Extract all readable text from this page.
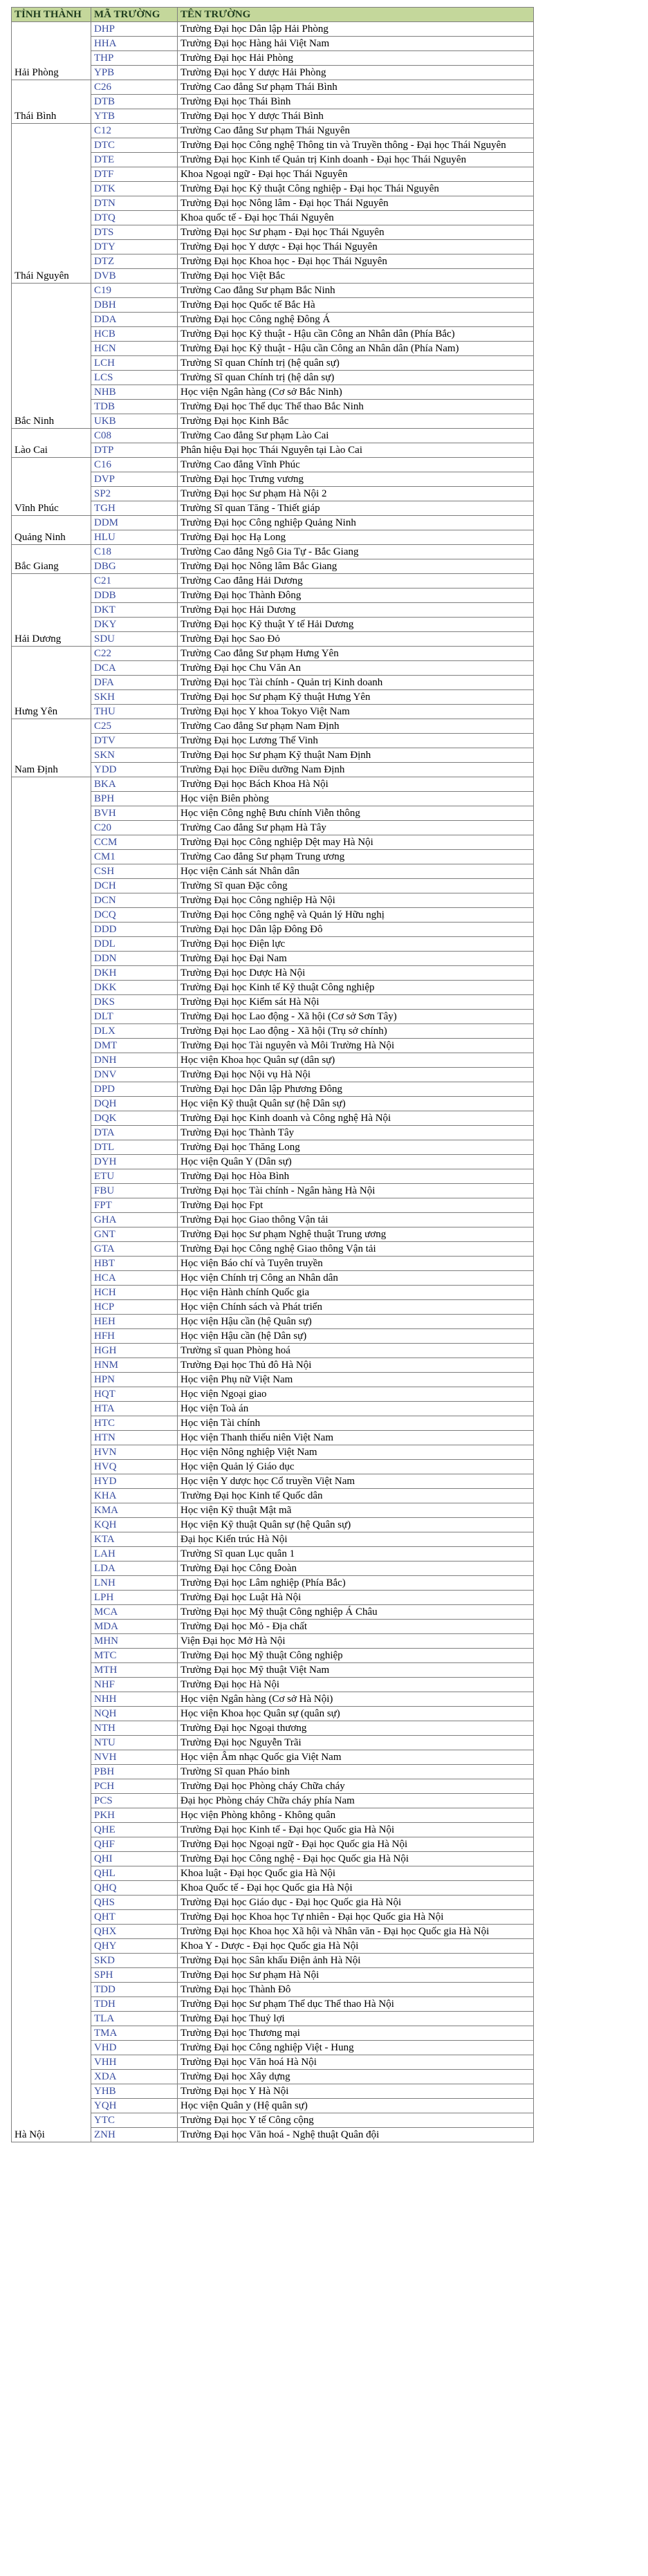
TỈNH THÀNH	MÃ TRƯỜNG	TÊN TRƯỜNG
Hải Phòng	DHP	Trường Đại học Dân lập Hải Phòng
	HHA	Trường Đại học Hàng hải Việt Nam
	THP	Trường Đại học Hải Phòng
	YPB	Trường Đại học Y dược Hải Phòng
Thái Bình	C26	Trường Cao đẳng Sư phạm Thái Bình
	DTB	Trường Đại học Thái Bình
	YTB	Trường Đại học Y dược Thái Bình
Thái Nguyên	C12	Trường Cao đẳng Sư phạm Thái Nguyên
	DTC	Trường Đại học Công nghệ Thông tin và Truyền thông - Đại học Thái Nguyên
	DTE	Trường Đại học Kinh tế Quản trị Kinh doanh - Đại học Thái Nguyên
	DTF	Khoa Ngoại ngữ - Đại học Thái Nguyên
	DTK	Trường Đại học Kỹ thuật Công nghiệp - Đại học Thái Nguyên
	DTN	Trường Đại học Nông lâm - Đại học Thái Nguyên
	DTQ	Khoa quốc tế - Đại học Thái Nguyên
	DTS	Trường Đại học Sư phạm - Đại học Thái Nguyên
	DTY	Trường Đại học Y dược - Đại học Thái Nguyên
	DTZ	Trường Đại học Khoa học - Đại học Thái Nguyên
	DVB	Trường Đại học Việt Bắc
Bắc Ninh	C19	Trường Cao đẳng Sư phạm Bắc Ninh
	DBH	Trường Đại học Quốc tế Bắc Hà
	DDA	Trường Đại học Công nghệ Đông Á
	HCB	Trường Đại học Kỹ thuật - Hậu cần Công an Nhân dân (Phía Bắc)
	HCN	Trường Đại học Kỹ thuật - Hậu cần Công an Nhân dân (Phía Nam)
	LCH	Trường Sĩ quan Chính trị (hệ quân sự)
	LCS	Trường Sĩ quan Chính trị (hệ dân sự)
	NHB	Học viện Ngân hàng (Cơ sở Bắc Ninh)
	TDB	Trường Đại học Thể dục Thể thao Bắc Ninh
	UKB	Trường Đại học Kinh Bắc
Lào Cai	C08	Trường Cao đẳng Sư phạm Lào Cai
	DTP	Phân hiệu Đại học Thái Nguyên tại Lào Cai
Vĩnh Phúc	C16	Trường Cao đẳng Vĩnh Phúc
	DVP	Trường Đại học Trưng vương
	SP2	Trường Đại học Sư phạm Hà Nội 2
	TGH	Trường Sĩ quan Tăng - Thiết giáp
Quảng Ninh	DDM	Trường Đại học Công nghiệp Quảng Ninh
	HLU	Trường Đại học Hạ Long
Bắc Giang	C18	Trường Cao đẳng Ngô Gia Tự - Bắc Giang
	DBG	Trường Đại học Nông lâm Bắc Giang
Hải Dương	C21	Trường Cao đẳng Hải Dương
	DDB	Trường Đại học Thành Đông
	DKT	Trường Đại học Hải Dương
	DKY	Trường Đại học Kỹ thuật Y tế Hải Dương
	SDU	Trường Đại học Sao Đỏ
Hưng Yên	C22	Trường Cao đẳng Sư phạm Hưng Yên
	DCA	Trường Đại học Chu Văn An
	DFA	Trường Đại học Tài chính - Quản trị Kinh doanh
	SKH	Trường Đại học Sư phạm Kỹ thuật Hưng Yên
	THU	Trường Đại học Y khoa Tokyo Việt Nam
Nam Định	C25	Trường Cao đẳng Sư phạm Nam Định
	DTV	Trường Đại học Lương Thế Vinh
	SKN	Trường Đại học Sư phạm Kỹ thuật Nam Định
	YDD	Trường Đại học Điều dưỡng Nam Định
Hà Nội	BKA	Trường Đại học Bách Khoa Hà Nội
	BPH	Học viện Biên phòng
	BVH	Học viện Công nghệ Bưu chính Viễn thông
	C20	Trường Cao đẳng Sư phạm Hà Tây
	CCM	Trường Đại học Công nghiệp Dệt may Hà Nội
	CM1	Trường Cao đẳng Sư phạm Trung ương
	CSH	Học viện Cảnh sát Nhân dân
	DCH	Trường Sĩ quan Đặc công
	DCN	Trường Đại học Công nghiệp Hà Nội
	DCQ	Trường Đại học Công nghệ và Quản lý Hữu nghị
	DDD	Trường Đại học Dân lập Đông Đô
	DDL	Trường Đại học Điện lực
	DDN	Trường Đại học Đại Nam
	DKH	Trường Đại học Dược Hà Nội
	DKK	Trường Đại học Kinh tế Kỹ thuật Công nghiệp
	DKS	Trường Đại học Kiểm sát Hà Nội
	DLT	Trường Đại học Lao động - Xã hội (Cơ sở Sơn Tây)
	DLX	Trường Đại học Lao động - Xã hội (Trụ sở chính)
	DMT	Trường Đại học Tài nguyên và Môi Trường Hà Nội
	DNH	Học viện Khoa học Quân sự (dân sự)
	DNV	Trường Đại học Nội vụ Hà Nội
	DPD	Trường Đại học Dân lập Phương Đông
	DQH	Học viện Kỹ thuật Quân sự (hệ Dân sự)
	DQK	Trường Đại học Kinh doanh và Công nghệ Hà Nội
	DTA	Trường Đại học Thành Tây
	DTL	Trường Đại học Thăng Long
	DYH	Học viện Quân Y (Dân sự)
	ETU	Trường Đại học Hòa Bình
	FBU	Trường Đại học Tài chính - Ngân hàng Hà Nội
	FPT	Trường Đại học Fpt
	GHA	Trường Đại học Giao thông Vận tải
	GNT	Trường Đại học Sư phạm Nghệ thuật Trung ương
	GTA	Trường Đại học Công nghệ Giao thông Vận tải
	HBT	Học viện Báo chí và Tuyên truyền
	HCA	Học viện Chính trị Công an Nhân dân
	HCH	Học viện Hành chính Quốc gia
	HCP	Học viện Chính sách và Phát triển
	HEH	Học viện Hậu cần (hệ Quân sự)
	HFH	Học viện Hậu cần (hệ Dân sự)
	HGH	Trường sĩ quan Phòng hoá
	HNM	Trường Đại học Thủ đô Hà Nội
	HPN	Học viện Phụ nữ Việt Nam
	HQT	Học viện Ngoại giao
	HTA	Học viện Toà án
	HTC	Học viện Tài chính
	HTN	Học viện Thanh thiếu niên Việt Nam
	HVN	Học viện Nông nghiệp Việt Nam
	HVQ	Học viện Quản lý Giáo dục
	HYD	Học viện Y dược học Cổ truyền Việt Nam
	KHA	Trường Đại học Kinh tế Quốc dân
	KMA	Học viện Kỹ thuật Mật mã
	KQH	Học viện Kỹ thuật Quân sự (hệ Quân sự)
	KTA	Đại học Kiến trúc Hà Nội
	LAH	Trường Sĩ quan Lục quân 1
	LDA	Trường Đại học Công Đoàn
	LNH	Trường Đại học Lâm nghiệp (Phía Bắc)
	LPH	Trường Đại học Luật Hà Nội
	MCA	Trường Đại học Mỹ thuật Công nghiệp Á Châu
	MDA	Trường Đại học Mỏ - Địa chất
	MHN	Viện Đại học Mở Hà Nội
	MTC	Trường Đại học Mỹ thuật Công nghiệp
	MTH	Trường Đại học Mỹ thuật Việt Nam
	NHF	Trường Đại học Hà Nội
	NHH	Học viện Ngân hàng (Cơ sở Hà Nội)
	NQH	Học viện Khoa học Quân sự (quân sự)
	NTH	Trường Đại học Ngoại thương
	NTU	Trường Đại học Nguyễn Trãi
	NVH	Học viện Âm nhạc Quốc gia Việt Nam
	PBH	Trường Sĩ quan Pháo binh
	PCH	Trường Đại học Phòng cháy Chữa cháy
	PCS	Đại học Phòng cháy Chữa cháy phía Nam
	PKH	Học viện Phòng không - Không quân
	QHE	Trường Đại học Kinh tế - Đại học Quốc gia Hà Nội
	QHF	Trường Đại học Ngoại ngữ - Đại học Quốc gia Hà Nội
	QHI	Trường Đại học Công nghệ - Đại học Quốc gia Hà Nội
	QHL	Khoa luật - Đại học Quốc gia Hà Nội
	QHQ	Khoa Quốc tế - Đại học Quốc gia Hà Nội
	QHS	Trường Đại học Giáo dục - Đại học Quốc gia Hà Nội
	QHT	Trường Đại học Khoa học Tự nhiên - Đại học Quốc gia Hà Nội
	QHX	Trường Đại học Khoa học Xã hội và Nhân văn - Đại học Quốc gia Hà Nội
	QHY	Khoa Y - Dược - Đại học Quốc gia Hà Nội
	SKD	Trường Đại học Sân khấu Điện ảnh Hà Nội
	SPH	Trường Đại học Sư phạm Hà Nội
	TDD	Trường Đại học Thành Đô
	TDH	Trường Đại học Sư phạm Thể dục Thể thao Hà Nội
	TLA	Trường Đại học Thuỷ lợi
	TMA	Trường Đại học Thương mại
	VHD	Trường Đại học Công nghiệp Việt - Hung
	VHH	Trường Đại học Văn hoá Hà Nội
	XDA	Trường Đại học Xây dựng
	YHB	Trường Đại học Y Hà Nội
	YQH	Học viện Quân y (Hệ quân sự)
	YTC	Trường Đại học Y tế Công cộng
	ZNH	Trường Đại học Văn hoá - Nghệ thuật Quân đội
